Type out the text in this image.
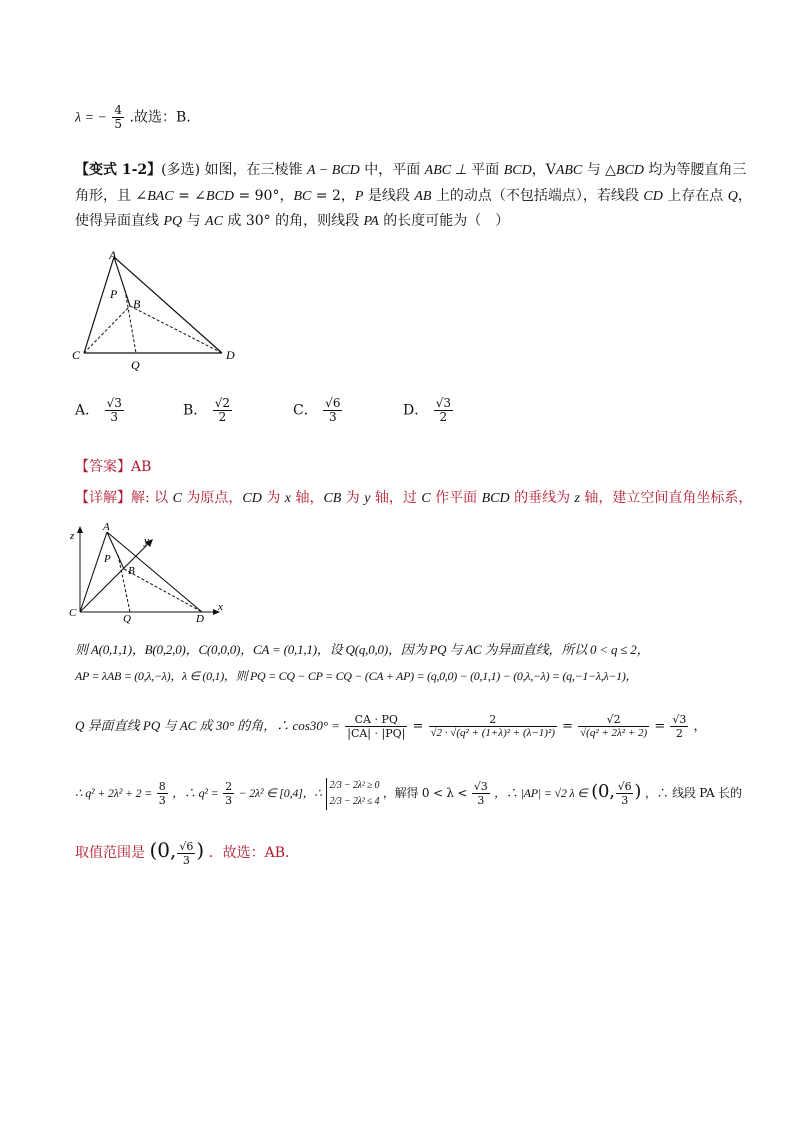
λ = − $\frac{4}{5}$ .故选：B.
【变式 1-2】(多选) 如图，在三棱锥 A − BCD 中，平面 ABC ⊥ 平面 BCD，VABC 与 △BCD 均为等腰直角三
角形，且 ∠BAC = ∠BCD = 90°，BC = 2，P 是线段 AB 上的动点（不包括端点），若线段 CD 上存在点 Q，
使得异面直线 PQ 与 AC 成 30° 的角，则线段 PA 的长度可能为（　）
A
P
B
C
Q
D
A． $\frac{√3}{3}$	B． $\frac{√2}{2}$	C． $\frac{√6}{3}$	D． $\frac{√3}{2}$
【答案】AB
【详解】解: 以 C 为原点，CD 为 x 轴，CB 为 y 轴，过 C 作平面 BCD 的垂线为 z 轴，建立空间直角坐标系，
z
A
y
P
B
C	Q	D
x
则 A(0,1,1)，B(0,2,0)，C(0,0,0)，CA = (0,1,1)，设 Q(q,0,0)，因为 PQ 与 AC 为异面直线，所以 0 < q ≤ 2，
AP = λAB = (0,λ,−λ)，λ ∈ (0,1)，则 PQ = CQ − CP = CQ − (CA + AP) = (q,0,0) − (0,1,1) − (0,λ,−λ) = (q,−1−λ,λ−1)，
Q 异面直线 PQ 与 AC 成 30° 的角，∴ $\cos 30^\circ = \frac{CA \cdot PQ}{|CA| \cdot |PQ|} = \frac{2}{\text{√2 · √(q² + (1+λ)² + (λ−1)²)}} = \frac{√2}{\text{√(q² + 2λ² + 2)}} = \frac{√3}{2}$ ，
∴ $q^2 + 2\lambda^2 + 2 = \frac{8}{3}$ ，∴ $q^2 = \frac{2}{3} - 2\lambda^2$ ∈ [0,4]，∴
2/3 − 2λ² ≥ 0
2/3 − 2λ² ≤ 4
，解得 $0 < \lambda < \frac{√3}{3}$ ，∴ |AP| = √2 λ ∈ (0, $\frac{√6}{3}$ ) ，∴ 线段 PA 长的
取值范围是 (0, $\frac{√6}{3}$ ) ．故选：AB．
